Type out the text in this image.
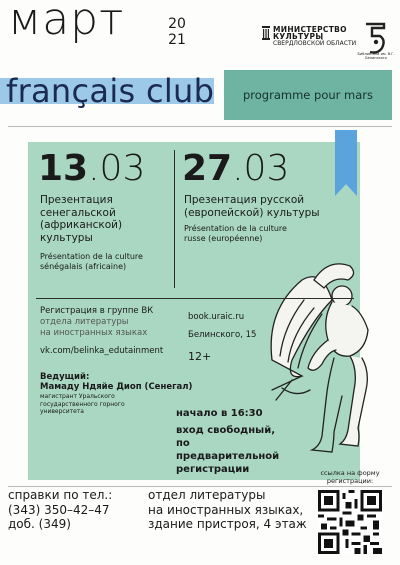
март	20
21
МИНИСТЕРСТВО
КУЛЬТУРЫ
СВЕРДЛОВСКОЙ ОБЛАСТИ
Библиотека им. В.Г. Белинского
français club	programme pour mars
13.03 27.03
Презентация
сенегальской
(африканской)
культуры
Présentation de la culture
sénégalais (africaine)
Презентация русской
(европейской) культуры
Présentation de la culture
russe (européenne)
Регистрация в группе ВК
отдела литературы
на иностранных языках
vk.com/belinka_edutainment
book.uraic.ru
Белинского, 15
12+
Ведущий:
Мамаду Ндяйе Диоп (Сенегал)
магистрант Уральского государственного горного университета	начало в 16:30
вход свободный,
по предварительной
регистрации	ссылка на форму регистрации:
справки по тел.:
(343) 350–42–47
доб. (349)
отдел литературы
на иностранных языках,
здание пристроя, 4 этаж
